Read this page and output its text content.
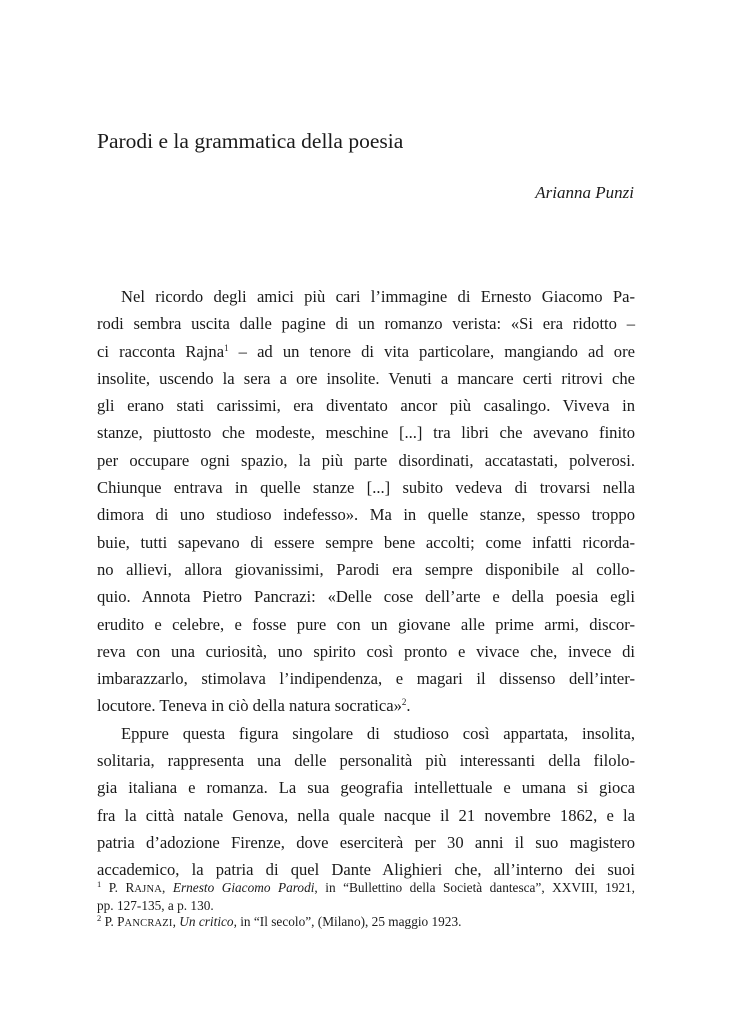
Parodi e la grammatica della poesia

Arianna Punzi

Nel ricordo degli amici più cari l’immagine di Ernesto Giacomo Pa-
rodi sembra uscita dalle pagine di un romanzo verista: «Si era ridotto –
ci racconta Rajna$^1$ – ad un tenore di vita particolare, mangiando ad ore
insolite, uscendo la sera a ore insolite. Venuti a mancare certi ritrovi che
gli erano stati carissimi, era diventato ancor più casalingo. Viveva in
stanze, piuttosto che modeste, meschine [...] tra libri che avevano finito
per occupare ogni spazio, la più parte disordinati, accatastati, polverosi.
Chiunque entrava in quelle stanze [...] subito vedeva di trovarsi nella
dimora di uno studioso indefesso». Ma in quelle stanze, spesso troppo
buie, tutti sapevano di essere sempre bene accolti; come infatti ricorda-
no allievi, allora giovanissimi, Parodi era sempre disponibile al collo-
quio. Annota Pietro Pancrazi: «Delle cose dell’arte e della poesia egli
erudito e celebre, e fosse pure con un giovane alle prime armi, discor-
reva con una curiosità, uno spirito così pronto e vivace che, invece di
imbarazzarlo, stimolava l’indipendenza, e magari il dissenso dell’inter-
locutore. Teneva in ciò della natura socratica»$^2$.
Eppure questa figura singolare di studioso così appartata, insolita,
solitaria, rappresenta una delle personalità più interessanti della filolo-
gia italiana e romanza. La sua geografia intellettuale e umana si gioca
fra la città natale Genova, nella quale nacque il 21 novembre 1862, e la
patria d’adozione Firenze, dove eserciterà per 30 anni il suo magistero
accademico, la patria di quel Dante Alighieri che, all’interno dei suoi
$^1$ P. RAJNA, Ernesto Giacomo Parodi, in “Bullettino della Società dantesca”, XXVIII, 1921,
pp. 127-135, a p. 130.
$^2$ P. PANCRAZI, Un critico, in “Il secolo”, (Milano), 25 maggio 1923.
